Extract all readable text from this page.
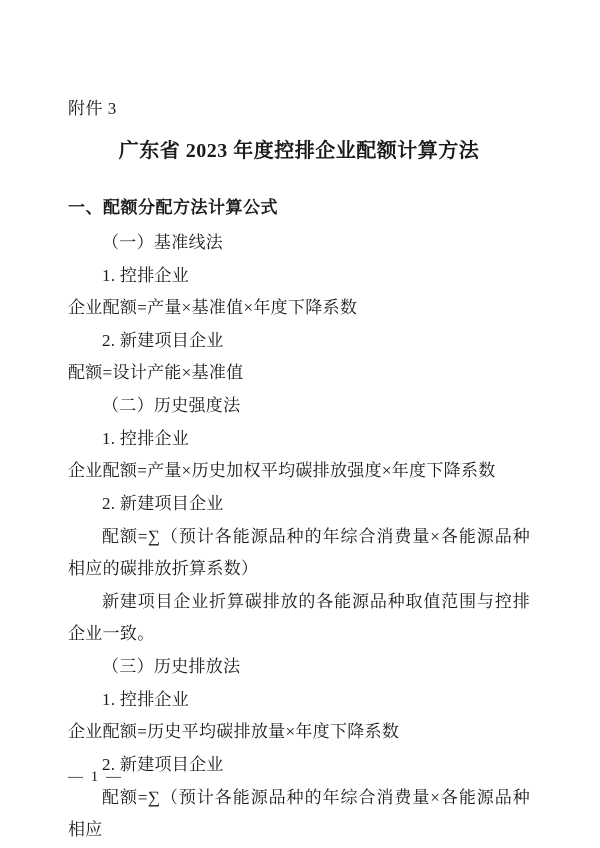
附件 3
广东省 2023 年度控排企业配额计算方法
一、配额分配方法计算公式

（一）基准线法

1. 控排企业

企业配额=产量×基准值×年度下降系数

2. 新建项目企业

配额=设计产能×基准值

（二）历史强度法

1. 控排企业

企业配额=产量×历史加权平均碳排放强度×年度下降系数

2. 新建项目企业

配额=∑（预计各能源品种的年综合消费量×各能源品种相应的碳排放折算系数）

新建项目企业折算碳排放的各能源品种取值范围与控排企业一致。

（三）历史排放法

1. 控排企业

企业配额=历史平均碳排放量×年度下降系数

2. 新建项目企业

配额=∑（预计各能源品种的年综合消费量×各能源品种相应

— 1 —
